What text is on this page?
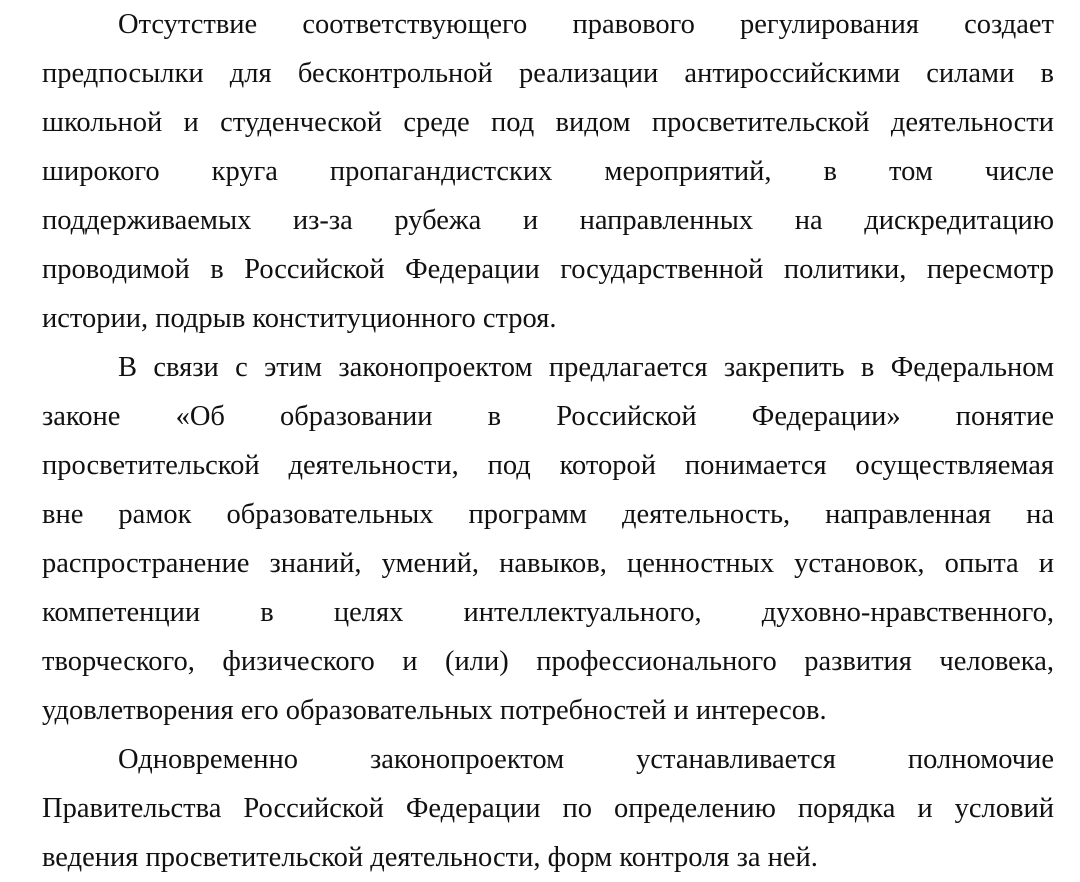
Отсутствие соответствующего правового регулирования создает
предпосылки для бесконтрольной реализации антироссийскими силами в
школьной и студенческой среде под видом просветительской деятельности
широкого круга пропагандистских мероприятий, в том числе
поддерживаемых из-за рубежа и направленных на дискредитацию
проводимой в Российской Федерации государственной политики, пересмотр
истории, подрыв конституционного строя.
В связи с этим законопроектом предлагается закрепить в Федеральном
законе «Об образовании в Российской Федерации» понятие
просветительской деятельности, под которой понимается осуществляемая
вне рамок образовательных программ деятельность, направленная на
распространение знаний, умений, навыков, ценностных установок, опыта и
компетенции в целях интеллектуального, духовно-нравственного,
творческого, физического и (или) профессионального развития человека,
удовлетворения его образовательных потребностей и интересов.
Одновременно законопроектом устанавливается полномочие
Правительства Российской Федерации по определению порядка и условий
ведения просветительской деятельности, форм контроля за ней.
